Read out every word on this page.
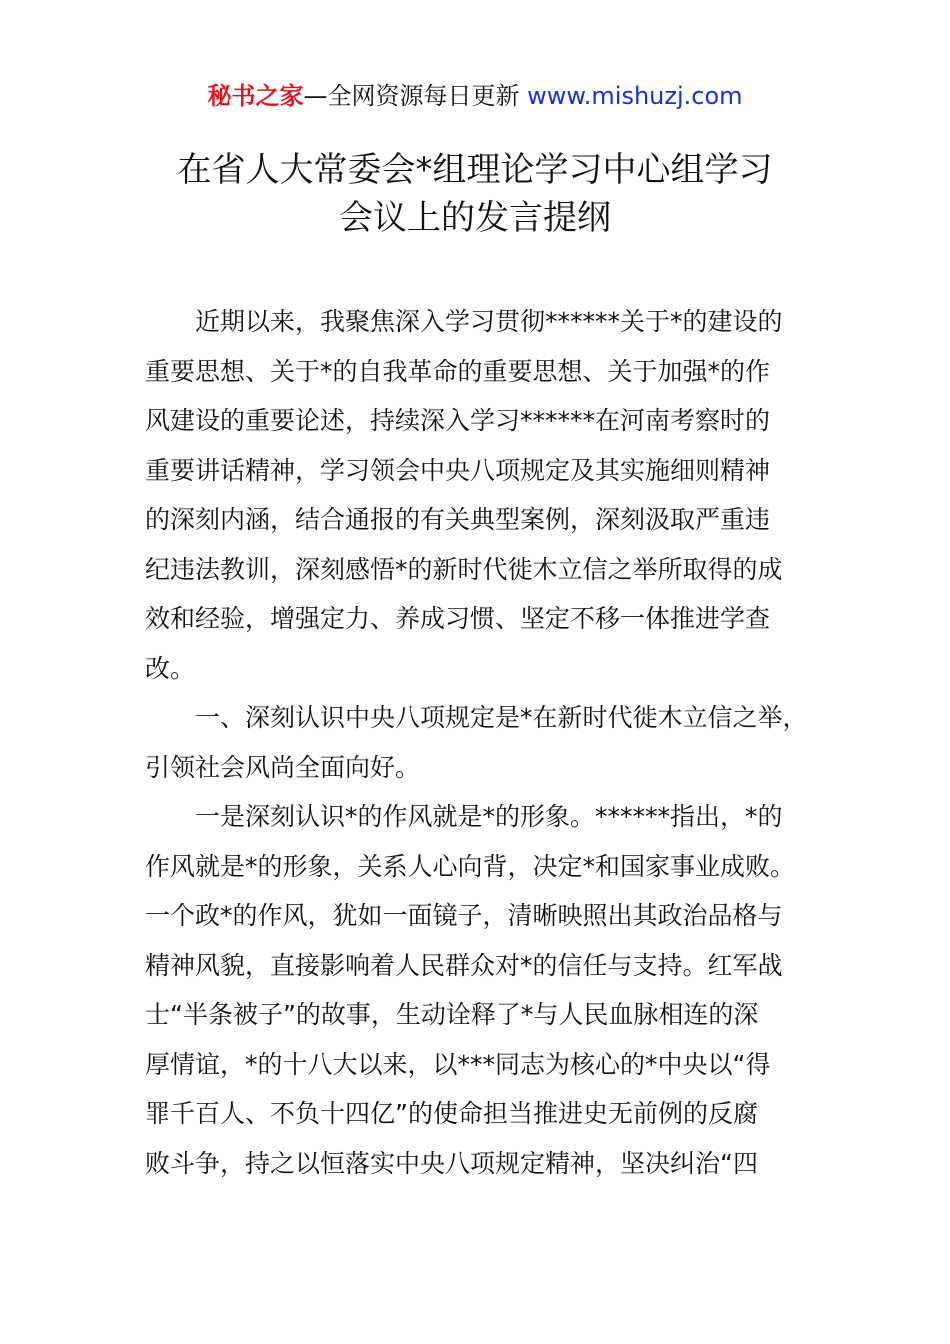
秘书之家—全网资源每日更新 www.mishuzj.com
在省人大常委会*组理论学习中心组学习
会议上的发言提纲
　　近期以来，我聚焦深入学习贯彻******关于*的建设的
重要思想、关于*的自我革命的重要思想、关于加强*的作
风建设的重要论述，持续深入学习******在河南考察时的
重要讲话精神，学习领会中央八项规定及其实施细则精神
的深刻内涵，结合通报的有关典型案例，深刻汲取严重违
纪违法教训，深刻感悟*的新时代徙木立信之举所取得的成
效和经验，增强定力、养成习惯、坚定不移一体推进学查
改。
　　一、深刻认识中央八项规定是*在新时代徙木立信之举，
引领社会风尚全面向好。
　　一是深刻认识*的作风就是*的形象。******指出，*的
作风就是*的形象，关系人心向背，决定*和国家事业成败。
一个政*的作风，犹如一面镜子，清晰映照出其政治品格与
精神风貌，直接影响着人民群众对*的信任与支持。红军战
士“半条被子”的故事，生动诠释了*与人民血脉相连的深
厚情谊，*的十八大以来，以***同志为核心的*中央以“得
罪千百人、不负十四亿”的使命担当推进史无前例的反腐
败斗争，持之以恒落实中央八项规定精神，坚决纠治“四
